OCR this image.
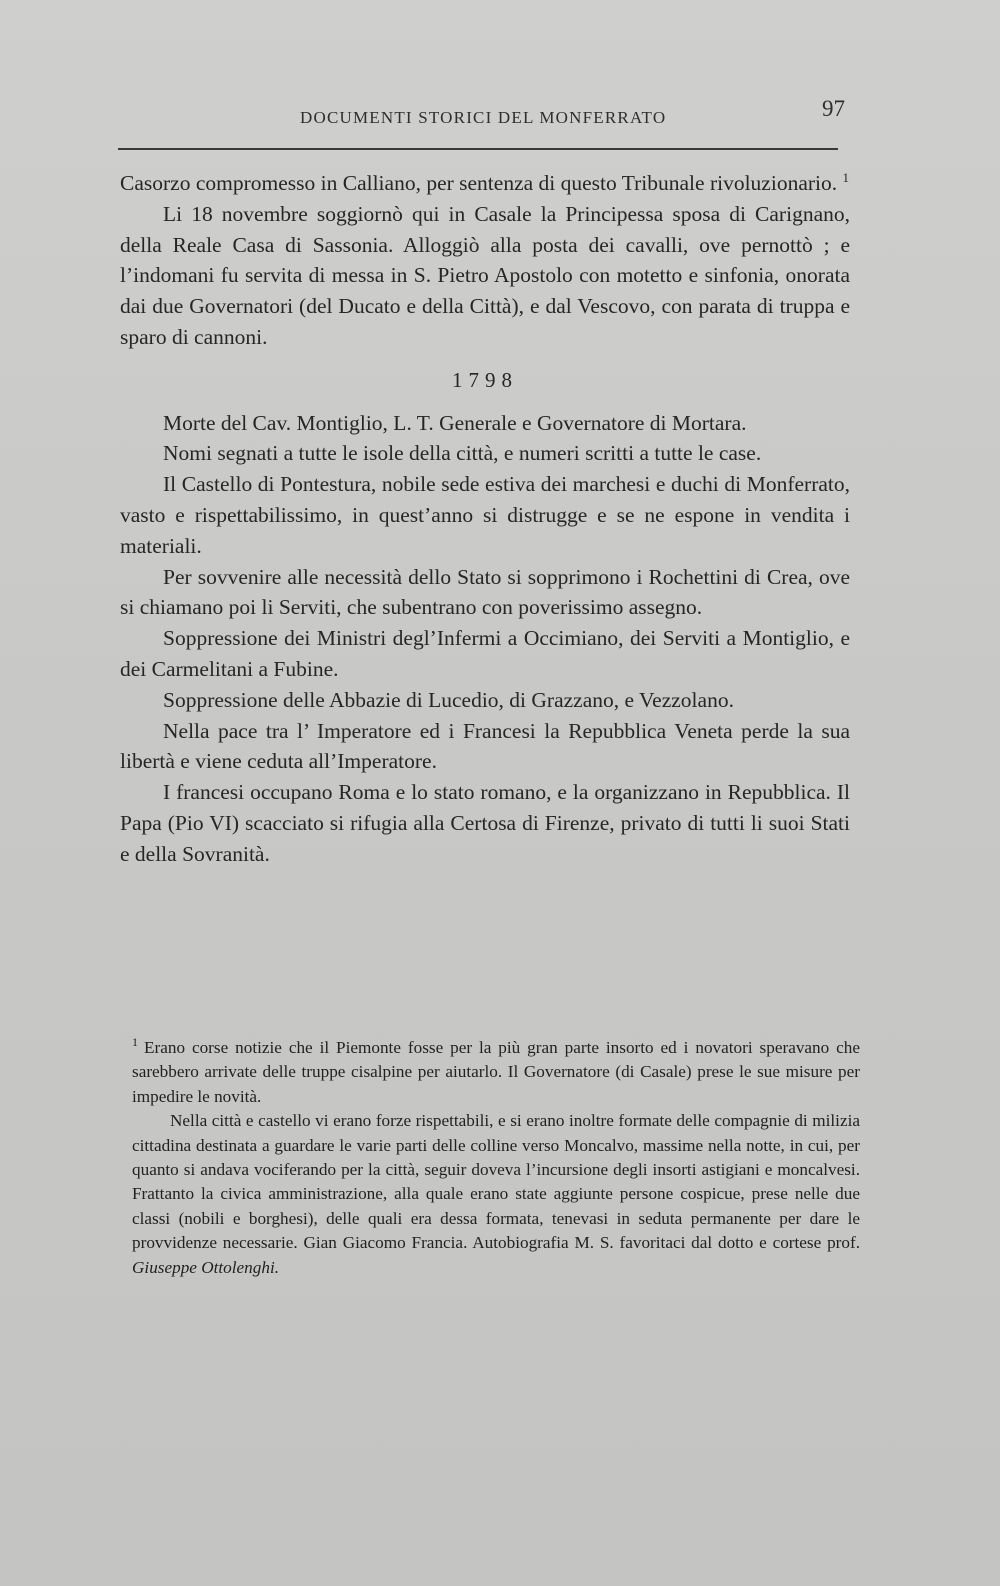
DOCUMENTI STORICI DEL MONFERRATO	97

Casorzo compromesso in Calliano, per sentenza di questo Tribunale rivoluzionario. $^1$

Li 18 novembre soggiornò qui in Casale la Principessa sposa di Carignano, della Reale Casa di Sassonia. Alloggiò alla posta dei cavalli, ove pernottò ; e l’indomani fu servita di messa in S. Pietro Apostolo con motetto e sinfonia, onorata dai due Governatori (del Ducato e della Città), e dal Vescovo, con parata di truppa e sparo di cannoni.

1798

Morte del Cav. Montiglio, L. T. Generale e Governatore di Mortara.

Nomi segnati a tutte le isole della città, e numeri scritti a tutte le case.

Il Castello di Pontestura, nobile sede estiva dei marchesi e duchi di Monferrato, vasto e rispettabilissimo, in quest’anno si distrugge e se ne espone in vendita i materiali.

Per sovvenire alle necessità dello Stato si sopprimono i Rochettini di Crea, ove si chiamano poi li Serviti, che subentrano con poverissimo assegno.

Soppressione dei Ministri degl’Infermi a Occimiano, dei Serviti a Montiglio, e dei Carmelitani a Fubine.

Soppressione delle Abbazie di Lucedio, di Grazzano, e Vezzolano.

Nella pace tra l’ Imperatore ed i Francesi la Repubblica Veneta perde la sua libertà e viene ceduta all’Imperatore.

I francesi occupano Roma e lo stato romano, e la organizzano in Repubblica. Il Papa (Pio VI) scacciato si rifugia alla Certosa di Firenze, privato di tutti li suoi Stati e della Sovranità.

$^1$ Erano corse notizie che il Piemonte fosse per la più gran parte insorto ed i novatori speravano che sarebbero arrivate delle truppe cisalpine per aiutarlo. Il Governatore (di Casale) prese le sue misure per impedire le novità.

Nella città e castello vi erano forze rispettabili, e si erano inoltre formate delle compagnie di milizia cittadina destinata a guardare le varie parti delle colline verso Moncalvo, massime nella notte, in cui, per quanto si andava vociferando per la città, seguir doveva l’incursione degli insorti astigiani e moncalvesi. Frattanto la civica amministrazione, alla quale erano state aggiunte persone cospicue, prese nelle due classi (nobili e borghesi), delle quali era dessa formata, tenevasi in seduta permanente per dare le provvidenze necessarie. Gian Giacomo Francia. Autobiografia M. S. favoritaci dal dotto e cortese prof. Giuseppe Ottolenghi.
